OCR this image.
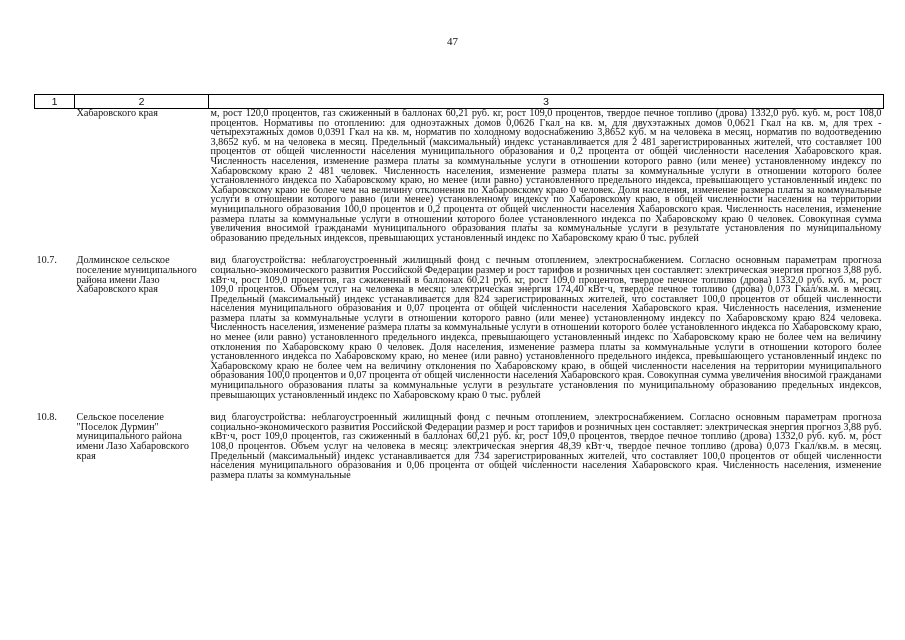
47
1	2	3
	Хабаровского края	м, рост 120,0 процентов, газ сжиженный в баллонах 60,21 руб. кг, рост 109,0 процентов, твердое печное топливо (дрова) 1332,0 руб. куб. м, рост 108,0 процентов. Нормативы по отоплению: для одноэтажных домов 0,0626 Гкал на кв. м, для двухэтажных домов 0,0621 Гкал на кв. м, для трех - четырехэтажных домов 0,0391 Гкал на кв. м, норматив по холодному водоснабжению 3,8652 куб. м на человека в месяц, норматив по водоотведению 3,8652 куб. м на человека в месяц. Предельный (максимальный) индекс устанавливается для 2 481 зарегистрированных жителей, что составляет 100 процентов от общей численности населения муниципального образования и 0,2 процента от общей численности населения Хабаровского края. Численность населения, изменение размера платы за коммунальные услуги в отношении которого равно (или менее) установленному индексу по Хабаровскому краю 2 481 человек. Численность населения, изменение размера платы за коммунальные услуги в отношении которого более установленного индекса по Хабаровскому краю, но менее (или равно) установленного предельного индекса, превышающего установленный индекс по Хабаровскому краю не более чем на величину отклонения по Хабаровскому краю 0 человек. Доля населения, изменение размера платы за коммунальные услуги в отношении которого равно (или менее) установленному индексу по Хабаровскому краю, в общей численности населения на территории муниципального образования 100,0 процентов и 0,2 процента от общей численности населения Хабаровского края. Численность населения, изменение размера платы за коммунальные услуги в отношении которого более установленного индекса по Хабаровскому краю 0 человек. Совокупная сумма увеличения вносимой гражданами муниципального образования платы за коммунальные услуги в результате установления по муниципальному образованию предельных индексов, превышающих установленный индекс по Хабаровскому краю 0 тыс. рублей

10.7.	Долминское сельское поселение муниципального района имени Лазо Хабаровского края	вид благоустройства: неблагоустроенный жилищный фонд с печным отоплением, электроснабжением. Согласно основным параметрам прогноза социально-экономического развития Российской Федерации размер и рост тарифов и розничных цен составляет: электрическая энергия прогноз 3,88 руб. кВт·ч, рост 109,0 процентов, газ сжиженный в баллонах 60,21 руб. кг, рост 109,0 процентов, твердое печное топливо (дрова) 1332,0 руб. куб. м, рост 109,0 процентов. Объем услуг на человека в месяц: электрическая энергия 174,40 кВт·ч, твердое печное топливо (дрова) 0,073 Гкал/кв.м. в месяц. Предельный (максимальный) индекс устанавливается для 824 зарегистрированных жителей, что составляет 100,0 процентов от общей численности населения муниципального образования и 0,07 процента от общей численности населения Хабаровского края. Численность населения, изменение размера платы за коммунальные услуги в отношении которого равно (или менее) установленному индексу по Хабаровскому краю 824 человека. Численность населения, изменение размера платы за коммунальные услуги в отношении которого более установленного индекса по Хабаровскому краю, но менее (или равно) установленного предельного индекса, превышающего установленный индекс по Хабаровскому краю не более чем на величину отклонения по Хабаровскому краю 0 человек. Доля населения, изменение размера платы за коммунальные услуги в отношении которого более установленного индекса по Хабаровскому краю, но менее (или равно) установленного предельного индекса, превышающего установленный индекс по Хабаровскому краю не более чем на величину отклонения по Хабаровскому краю, в общей численности населения на территории муниципального образования 100,0 процентов и 0,07 процента от общей численности населения Хабаровского края. Совокупная сумма увеличения вносимой гражданами муниципального образования платы за коммунальные услуги в результате установления по муниципальному образованию предельных индексов, превышающих установленный индекс по Хабаровскому краю 0 тыс. рублей

10.8.	Сельское поселение "Поселок Дурмин" муниципального района имени Лазо Хабаровского края	вид благоустройства: неблагоустроенный жилищный фонд с печным отоплением, электроснабжением. Согласно основным параметрам прогноза социально-экономического развития Российской Федерации размер и рост тарифов и розничных цен составляет: электрическая энергия прогноз 3,88 руб. кВт·ч, рост 109,0 процентов, газ сжиженный в баллонах 60,21 руб. кг, рост 109,0 процентов, твердое печное топливо (дрова) 1332,0 руб. куб. м, рост 108,0 процентов. Объем услуг на человека в месяц: электрическая энергия 48,39 кВт·ч, твердое печное топливо (дрова) 0,073 Гкал/кв.м. в месяц. Предельный (максимальный) индекс устанавливается для 734 зарегистрированных жителей, что составляет 100,0 процентов от общей численности населения муниципального образования и 0,06 процента от общей численности населения Хабаровского края. Численность населения, изменение размера платы за коммунальные
